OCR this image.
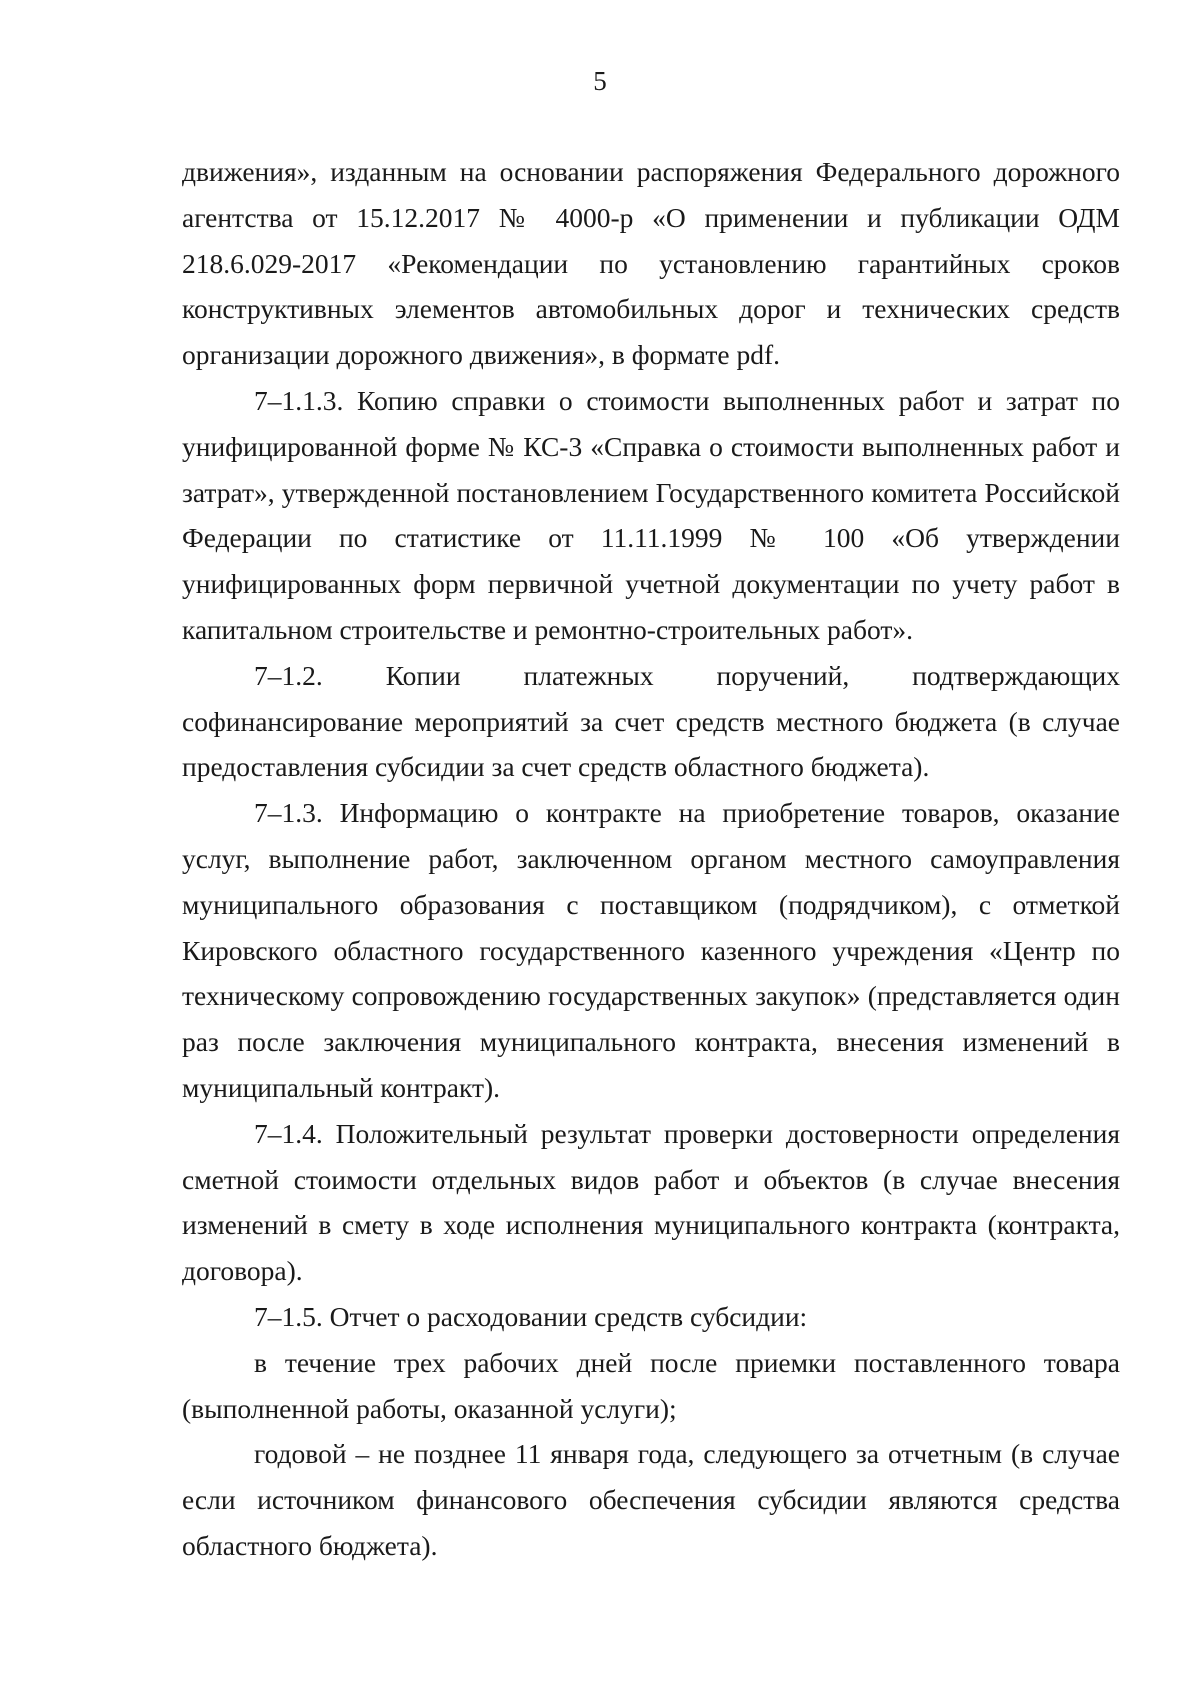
5

движения», изданным на основании распоряжения Федерального дорожного агентства от 15.12.2017 № 4000-р «О применении и публикации ОДМ 218.6.029-2017 «Рекомендации по установлению гарантийных сроков конструктивных элементов автомобильных дорог и технических средств организации дорожного движения», в формате pdf.

7–1.1.3. Копию справки о стоимости выполненных работ и затрат по унифицированной форме № КС-3 «Справка о стоимости выполненных работ и затрат», утвержденной постановлением Государственного комитета Российской Федерации по статистике от 11.11.1999 № 100 «Об утверждении унифицированных форм первичной учетной документации по учету работ в капитальном строительстве и ремонтно-строительных работ».

7–1.2. Копии платежных поручений, подтверждающих

софинансирование мероприятий за счет средств местного бюджета (в случае предоставления субсидии за счет средств областного бюджета).

7–1.3. Информацию о контракте на приобретение товаров, оказание услуг, выполнение работ, заключенном органом местного самоуправления муниципального образования с поставщиком (подрядчиком), с отметкой Кировского областного государственного казенного учреждения «Центр по техническому сопровождению государственных закупок» (представляется один раз после заключения муниципального контракта, внесения изменений в муниципальный контракт).

7–1.4. Положительный результат проверки достоверности определения сметной стоимости отдельных видов работ и объектов (в случае внесения изменений в смету в ходе исполнения муниципального контракта (контракта, договора).

7–1.5. Отчет о расходовании средств субсидии:

в течение трех рабочих дней после приемки поставленного товара (выполненной работы, оказанной услуги);

годовой – не позднее 11 января года, следующего за отчетным (в случае если источником финансового обеспечения субсидии являются средства областного бюджета).
